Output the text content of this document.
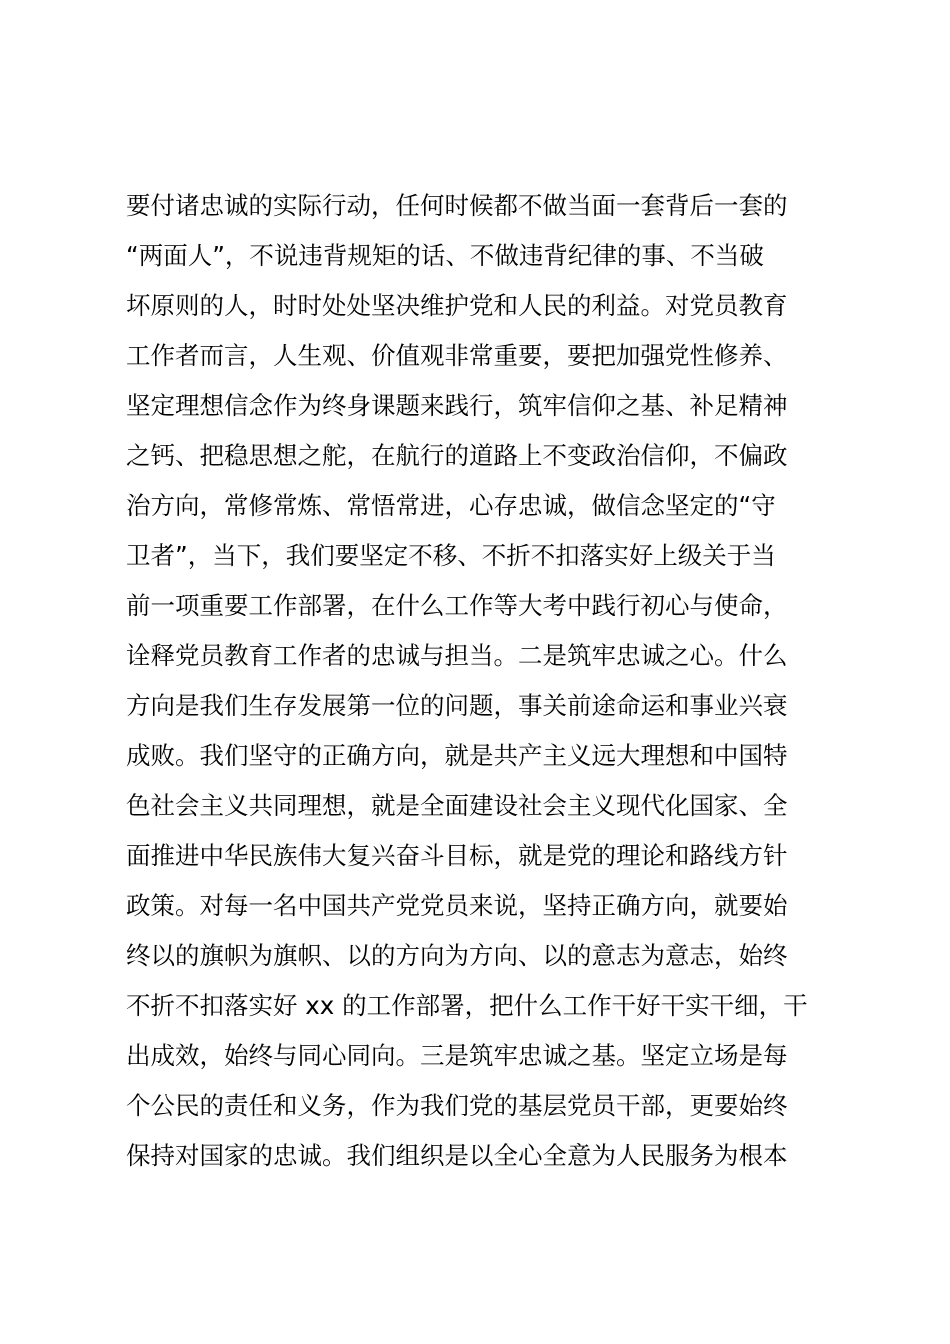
要付诸忠诚的实际行动，任何时候都不做当面一套背后一套的
“两面人”，不说违背规矩的话、不做违背纪律的事、不当破
坏原则的人，时时处处坚决维护党和人民的利益。对党员教育
工作者而言，人生观、价值观非常重要，要把加强党性修养、
坚定理想信念作为终身课题来践行，筑牢信仰之基、补足精神
之钙、把稳思想之舵，在航行的道路上不变政治信仰，不偏政
治方向，常修常炼、常悟常进，心存忠诚，做信念坚定的“守
卫者”，当下，我们要坚定不移、不折不扣落实好上级关于当
前一项重要工作部署，在什么工作等大考中践行初心与使命，
诠释党员教育工作者的忠诚与担当。二是筑牢忠诚之心。什么
方向是我们生存发展第一位的问题，事关前途命运和事业兴衰
成败。我们坚守的正确方向，就是共产主义远大理想和中国特
色社会主义共同理想，就是全面建设社会主义现代化国家、全
面推进中华民族伟大复兴奋斗目标，就是党的理论和路线方针
政策。对每一名中国共产党党员来说，坚持正确方向，就要始
终以的旗帜为旗帜、以的方向为方向、以的意志为意志，始终
不折不扣落实好 xx 的工作部署，把什么工作干好干实干细，干
出成效，始终与同心同向。三是筑牢忠诚之基。坚定立场是每
个公民的责任和义务，作为我们党的基层党员干部，更要始终
保持对国家的忠诚。我们组织是以全心全意为人民服务为根本
